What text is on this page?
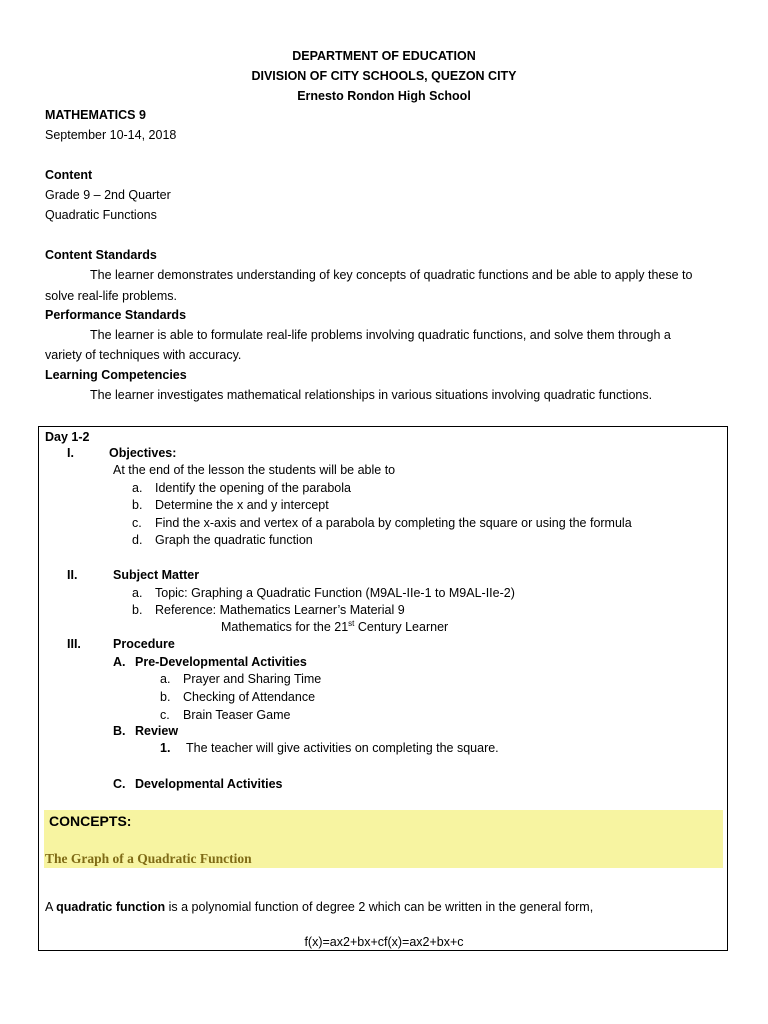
DEPARTMENT OF EDUCATION
DIVISION OF CITY SCHOOLS, QUEZON CITY
Ernesto Rondon High School
MATHEMATICS 9
September 10-14, 2018
Content
Grade 9 – 2nd Quarter
Quadratic Functions
Content Standards
The learner demonstrates understanding of key concepts of quadratic functions and be able to apply these to
solve real-life problems.
Performance Standards
The learner is able to formulate real-life problems involving quadratic functions, and solve them through a
variety of techniques with accuracy.
Learning Competencies
The learner investigates mathematical relationships in various situations involving quadratic functions.
Day 1-2
I.	Objectives:
At the end of the lesson the students will be able to
a. Identify the opening of the parabola
b. Determine the x and y intercept
c. Find the x-axis and vertex of a parabola by completing the square or using the formula
d. Graph the quadratic function
II.	Subject Matter
a. Topic: Graphing a Quadratic Function (M9AL-IIe-1 to M9AL-IIe-2)
b. Reference: Mathematics Learner’s Material 9
Mathematics for the 21st Century Learner
III.	Procedure
A. Pre-Developmental Activities
a. Prayer and Sharing Time
b. Checking of Attendance
c. Brain Teaser Game
B. Review
1. The teacher will give activities on completing the square.
C. Developmental Activities
CONCEPTS:
The Graph of a Quadratic Function
A quadratic function is a polynomial function of degree 2 which can be written in the general form,
f(x)=ax2+bx+cf(x)=ax2+bx+c
